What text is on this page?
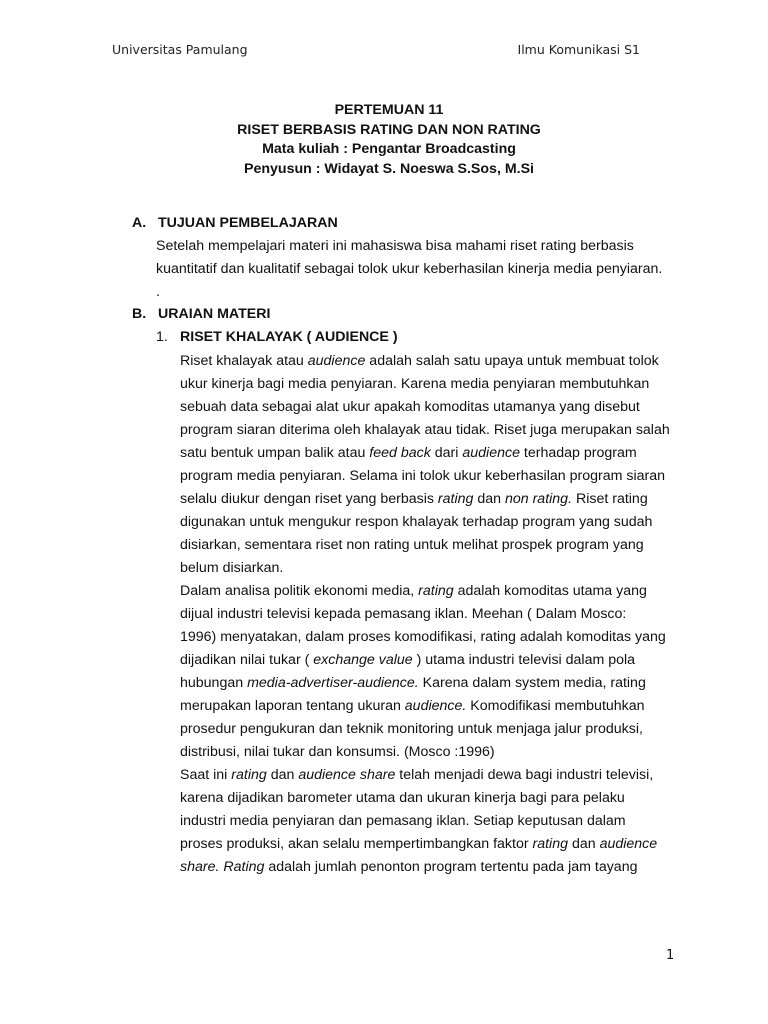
Universitas Pamulang	Ilmu Komunikasi S1
PERTEMUAN 11
RISET BERBASIS RATING DAN NON RATING
Mata kuliah : Pengantar Broadcasting
Penyusun : Widayat S. Noeswa S.Sos, M.Si
A. TUJUAN PEMBELAJARAN
Setelah mempelajari materi ini mahasiswa bisa mahami riset rating berbasis
kuantitatif dan kualitatif sebagai tolok ukur keberhasilan kinerja media penyiaran.
.
B. URAIAN MATERI
1. RISET KHALAYAK ( AUDIENCE )
Riset khalayak atau audience adalah salah satu upaya untuk membuat tolok
ukur kinerja bagi media penyiaran. Karena media penyiaran membutuhkan
sebuah data sebagai alat ukur apakah komoditas utamanya yang disebut
program siaran diterima oleh khalayak atau tidak. Riset juga merupakan salah
satu bentuk umpan balik atau feed back dari audience terhadap program
program media penyiaran. Selama ini tolok ukur keberhasilan program siaran
selalu diukur dengan riset yang berbasis rating dan non rating. Riset rating
digunakan untuk mengukur respon khalayak terhadap program yang sudah
disiarkan, sementara riset non rating untuk melihat prospek program yang
belum disiarkan.
Dalam analisa politik ekonomi media, rating adalah komoditas utama yang
dijual industri televisi kepada pemasang iklan. Meehan ( Dalam Mosco:
1996) menyatakan, dalam proses komodifikasi, rating adalah komoditas yang
dijadikan nilai tukar ( exchange value ) utama industri televisi dalam pola
hubungan media-advertiser-audience. Karena dalam system media, rating
merupakan laporan tentang ukuran audience. Komodifikasi membutuhkan
prosedur pengukuran dan teknik monitoring untuk menjaga jalur produksi,
distribusi, nilai tukar dan konsumsi. (Mosco :1996)
Saat ini rating dan audience share telah menjadi dewa bagi industri televisi,
karena dijadikan barometer utama dan ukuran kinerja bagi para pelaku
industri media penyiaran dan pemasang iklan. Setiap keputusan dalam
proses produksi, akan selalu mempertimbangkan faktor rating dan audience
share. Rating adalah jumlah penonton program tertentu pada jam tayang
1
